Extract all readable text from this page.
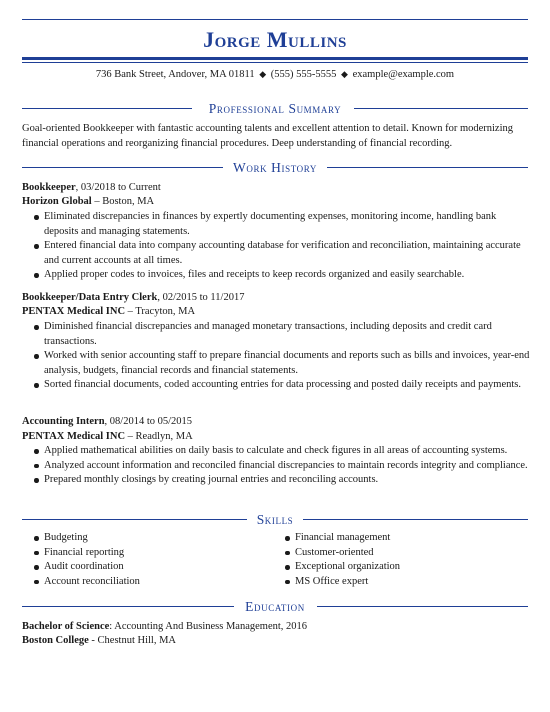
Jorge Mullins
736 Bank Street, Andover, MA 01811 ◆ (555) 555-5555 ◆ example@example.com
Professional Summary
Goal-oriented Bookkeeper with fantastic accounting talents and excellent attention to detail. Known for modernizing financial operations and reorganizing financial procedures. Deep understanding of financial recording.
Work History
Bookkeeper, 03/2018 to Current
Horizon Global – Boston, MA
Eliminated discrepancies in finances by expertly documenting expenses, monitoring income, handling bank deposits and managing statements.
Entered financial data into company accounting database for verification and reconciliation, maintaining accurate and current accounts at all times.
Applied proper codes to invoices, files and receipts to keep records organized and easily searchable.
Bookkeeper/Data Entry Clerk, 02/2015 to 11/2017
PENTAX Medical INC – Tracyton, MA
Diminished financial discrepancies and managed monetary transactions, including deposits and credit card transactions.
Worked with senior accounting staff to prepare financial documents and reports such as bills and invoices, year-end analysis, budgets, financial records and financial statements.
Sorted financial documents, coded accounting entries for data processing and posted daily receipts and payments.
Accounting Intern, 08/2014 to 05/2015
PENTAX Medical INC – Readlyn, MA
Applied mathematical abilities on daily basis to calculate and check figures in all areas of accounting systems.
Analyzed account information and reconciled financial discrepancies to maintain records integrity and compliance.
Prepared monthly closings by creating journal entries and reconciling accounts.
Skills
Budgeting
Financial reporting
Audit coordination
Account reconciliation
Financial management
Customer-oriented
Exceptional organization
MS Office expert
Education
Bachelor of Science: Accounting And Business Management, 2016
Boston College - Chestnut Hill, MA
